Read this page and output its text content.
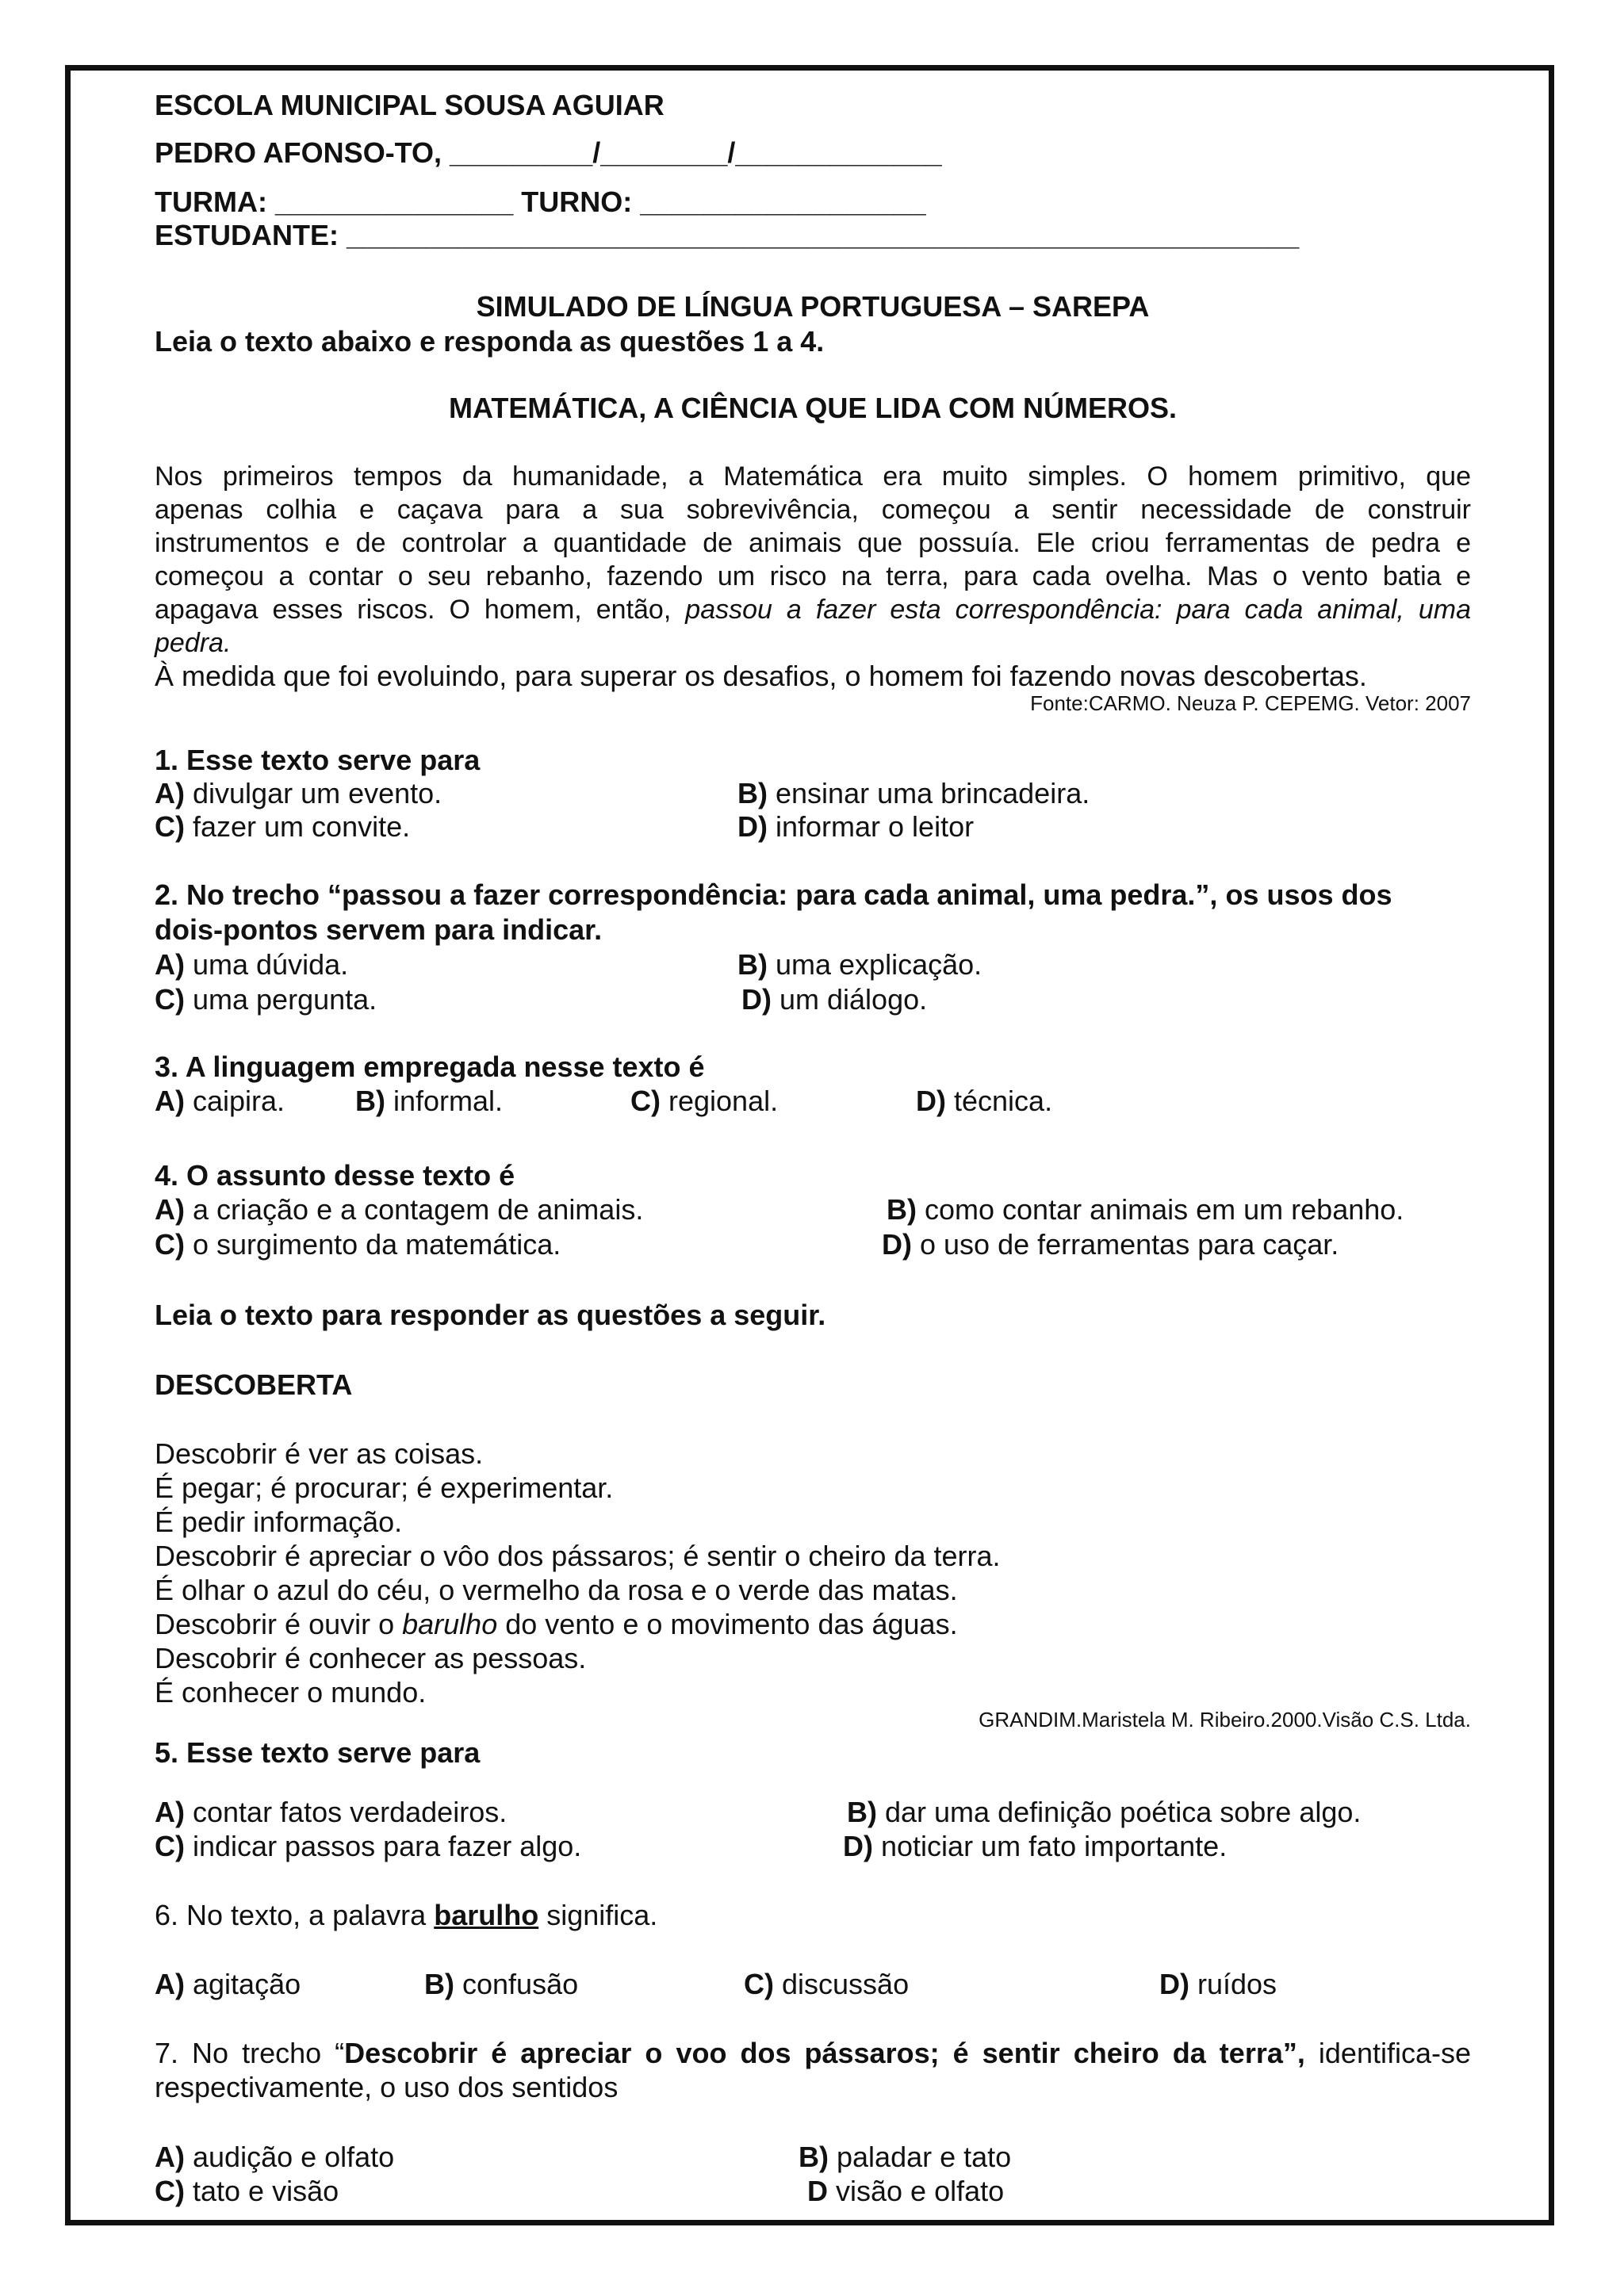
ESCOLA MUNICIPAL SOUSA AGUIAR
PEDRO AFONSO-TO, _________/________/_____________
TURMA: _______________ TURNO: __________________
ESTUDANTE: ____________________________________________________________
SIMULADO DE LÍNGUA PORTUGUESA – SAREPA
Leia o texto abaixo e responda as questões 1 a 4.
MATEMÁTICA, A CIÊNCIA QUE LIDA COM NÚMEROS.
Nos primeiros tempos da humanidade, a Matemática era muito simples. O homem primitivo, que
apenas colhia e caçava para a sua sobrevivência, começou a sentir necessidade de construir
instrumentos e de controlar a quantidade de animais que possuía. Ele criou ferramentas de pedra e
começou a contar o seu rebanho, fazendo um risco na terra, para cada ovelha. Mas o vento batia e
apagava esses riscos. O homem, então, passou a fazer esta correspondência: para cada animal, uma
pedra.
À medida que foi evoluindo, para superar os desafios, o homem foi fazendo novas descobertas.
Fonte:CARMO. Neuza P. CEPEMG. Vetor: 2007
1. Esse texto serve para
A) divulgar um evento.	B) ensinar uma brincadeira.
C) fazer um convite.	D) informar o leitor
2. No trecho “passou a fazer correspondência: para cada animal, uma pedra.”, os usos dos
dois-pontos servem para indicar.
A) uma dúvida.	B) uma explicação.
C) uma pergunta.	D) um diálogo.
3. A linguagem empregada nesse texto é
A) caipira. B) informal.	C) regional.	D) técnica.
4. O assunto desse texto é
A) a criação e a contagem de animais.	B) como contar animais em um rebanho.
C) o surgimento da matemática.	D) o uso de ferramentas para caçar.
Leia o texto para responder as questões a seguir.
DESCOBERTA
Descobrir é ver as coisas.
É pegar; é procurar; é experimentar.
É pedir informação.
Descobrir é apreciar o vôo dos pássaros; é sentir o cheiro da terra.
É olhar o azul do céu, o vermelho da rosa e o verde das matas.
Descobrir é ouvir o barulho do vento e o movimento das águas.
Descobrir é conhecer as pessoas.
É conhecer o mundo.
GRANDIM.Maristela M. Ribeiro.2000.Visão C.S. Ltda.
5. Esse texto serve para
A) contar fatos verdadeiros.	B) dar uma definição poética sobre algo.
C) indicar passos para fazer algo.	D) noticiar um fato importante.
6. No texto, a palavra barulho significa.
A) agitação	B) confusão	C) discussão	D) ruídos
7. No trecho “Descobrir é apreciar o voo dos pássaros; é sentir cheiro da terra”, identifica-se
respectivamente, o uso dos sentidos
A) audição e olfato	B) paladar e tato
C) tato e visão	D visão e olfato
